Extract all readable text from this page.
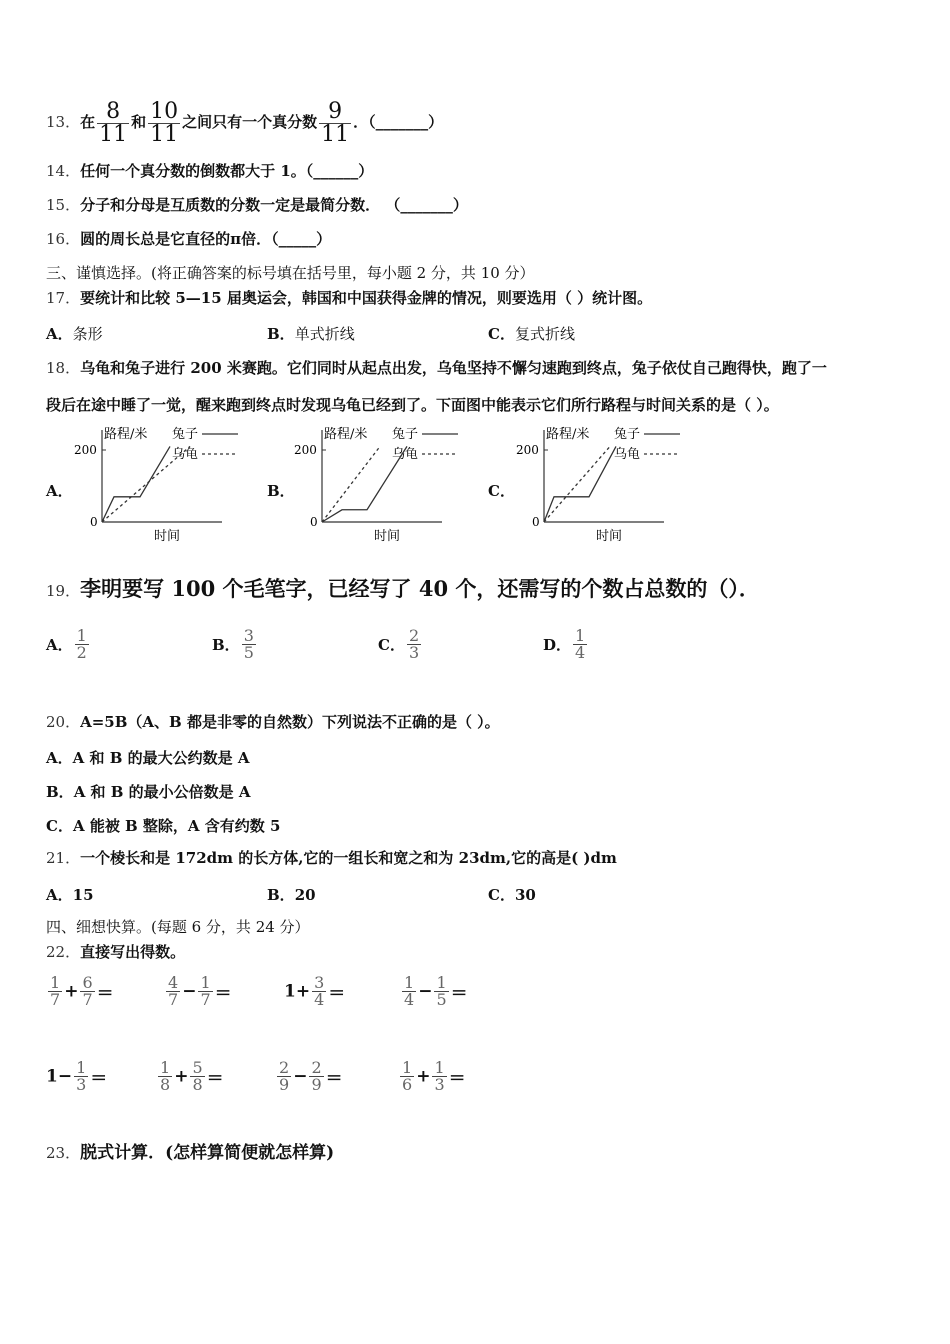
13．在 $\frac{8}{11}$ 和 $\frac{10}{11}$ 之间只有一个真分数 $\frac{9}{11}$ ．（_______）
14．任何一个真分数的倒数都大于 1。（______）
15．分子和分母是互质数的分数一定是最简分数． （_______）
16．圆的周长总是它直径的π倍．（_____）
三、谨慎选择。(将正确答案的标号填在括号里，每小题 2 分，共 10 分）
17．要统计和比较 5—15 届奥运会，韩国和中国获得金牌的情况，则要选用（ ）统计图。
A．条形	B．单式折线	C．复式折线
18．乌龟和兔子进行 200 米赛跑。它们同时从起点出发，乌龟坚持不懈匀速跑到终点，兔子依仗自己跑得快，跑了一
段后在途中睡了一觉，醒来跑到终点时发现乌龟已经到了。下面图中能表示它们所行路程与时间关系的是（ ）。
A．	B．	C．
200
0
路程/米
时间
兔子
乌龟	200
0
路程/米
时间
兔子
乌龟	200
0
路程/米
时间
兔子
乌龟
19．李明要写 100 个毛笔字，已经写了 40 个，还需写的个数占总数的（）．
A． $\frac{1}{2}$	B． $\frac{3}{5}$	C． $\frac{2}{3}$	D． $\frac{1}{4}$
20．A=5B（A、B 都是非零的自然数）下列说法不正确的是（ ）。
A．A 和 B 的最大公约数是 A
B．A 和 B 的最小公倍数是 A
C．A 能被 B 整除，A 含有约数 5
21．一个棱长和是 172dm 的长方体,它的一组长和宽之和为 23dm,它的高是( )dm
A．15	B．20	C．30
四、细想快算。(每题 6 分，共 24 分）
22．直接写出得数。
$\frac{1}{7} + \frac{6}{7}$ ＝	$\frac{4}{7} - \frac{1}{7}$ ＝	$1+ \frac{3}{4}$ ＝	$\frac{1}{4} - \frac{1}{5}$ ＝
$1- \frac{1}{3}$ ＝	$\frac{1}{8} + \frac{5}{8}$ ＝	$\frac{2}{9} - \frac{2}{9}$ ＝	$\frac{1}{6} + \frac{1}{3}$ ＝
23．脱式计算．(怎样算简便就怎样算)
